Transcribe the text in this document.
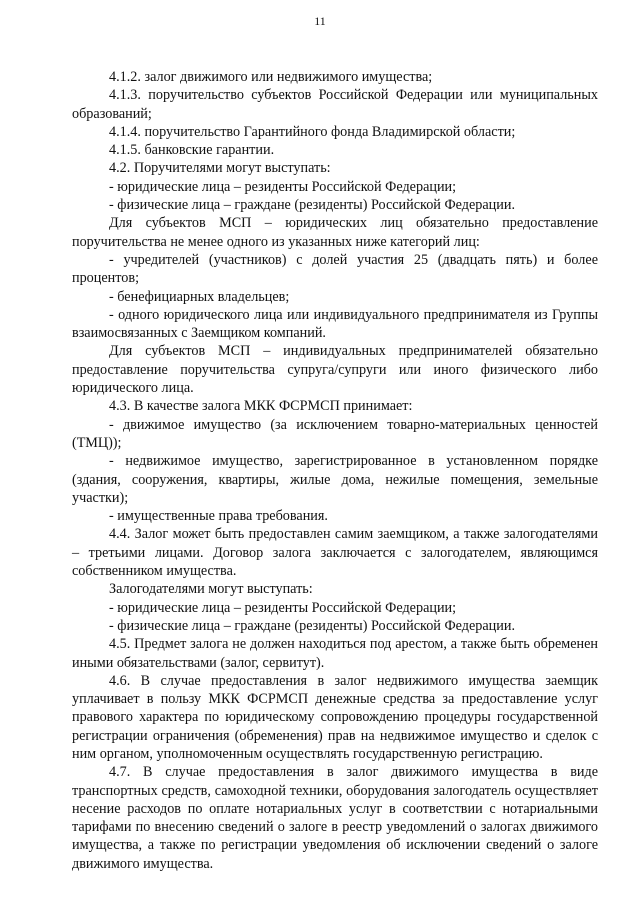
11

4.1.2. залог движимого или недвижимого имущества;

4.1.3. поручительство субъектов Российской Федерации или муниципальных образований;

4.1.4. поручительство Гарантийного фонда Владимирской области;

4.1.5. банковские гарантии.

4.2. Поручителями могут выступать:

- юридические лица – резиденты Российской Федерации;

- физические лица – граждане (резиденты) Российской Федерации.

Для субъектов МСП – юридических лиц обязательно предоставление поручительства не менее одного из указанных ниже категорий лиц:

- учредителей (участников) с долей участия 25 (двадцать пять) и более процентов;

- бенефициарных владельцев;

- одного юридического лица или индивидуального предпринимателя из Группы взаимосвязанных с Заемщиком компаний.

Для субъектов МСП – индивидуальных предпринимателей обязательно предоставление поручительства супруга/супруги или иного физического либо юридического лица.

4.3. В качестве залога МКК ФСРМСП принимает:

- движимое имущество (за исключением товарно-материальных ценностей (ТМЦ));

- недвижимое имущество, зарегистрированное в установленном порядке (здания, сооружения, квартиры, жилые дома, нежилые помещения, земельные участки);

- имущественные права требования.

4.4. Залог может быть предоставлен самим заемщиком, а также залогодателями – третьими лицами. Договор залога заключается с залогодателем, являющимся собственником имущества.

Залогодателями могут выступать:

- юридические лица – резиденты Российской Федерации;

- физические лица – граждане (резиденты) Российской Федерации.

4.5. Предмет залога не должен находиться под арестом, а также быть обременен иными обязательствами (залог, сервитут).

4.6. В случае предоставления в залог недвижимого имущества заемщик уплачивает в пользу МКК ФСРМСП денежные средства за предоставление услуг правового характера по юридическому сопровождению процедуры государственной регистрации ограничения (обременения) прав на недвижимое имущество и сделок с ним органом, уполномоченным осуществлять государственную регистрацию.

4.7. В случае предоставления в залог движимого имущества в виде транспортных средств, самоходной техники, оборудования залогодатель осуществляет несение расходов по оплате нотариальных услуг в соответствии с нотариальными тарифами по внесению сведений о залоге в реестр уведомлений о залогах движимого имущества, а также по регистрации уведомления об исключении сведений о залоге движимого имущества.
